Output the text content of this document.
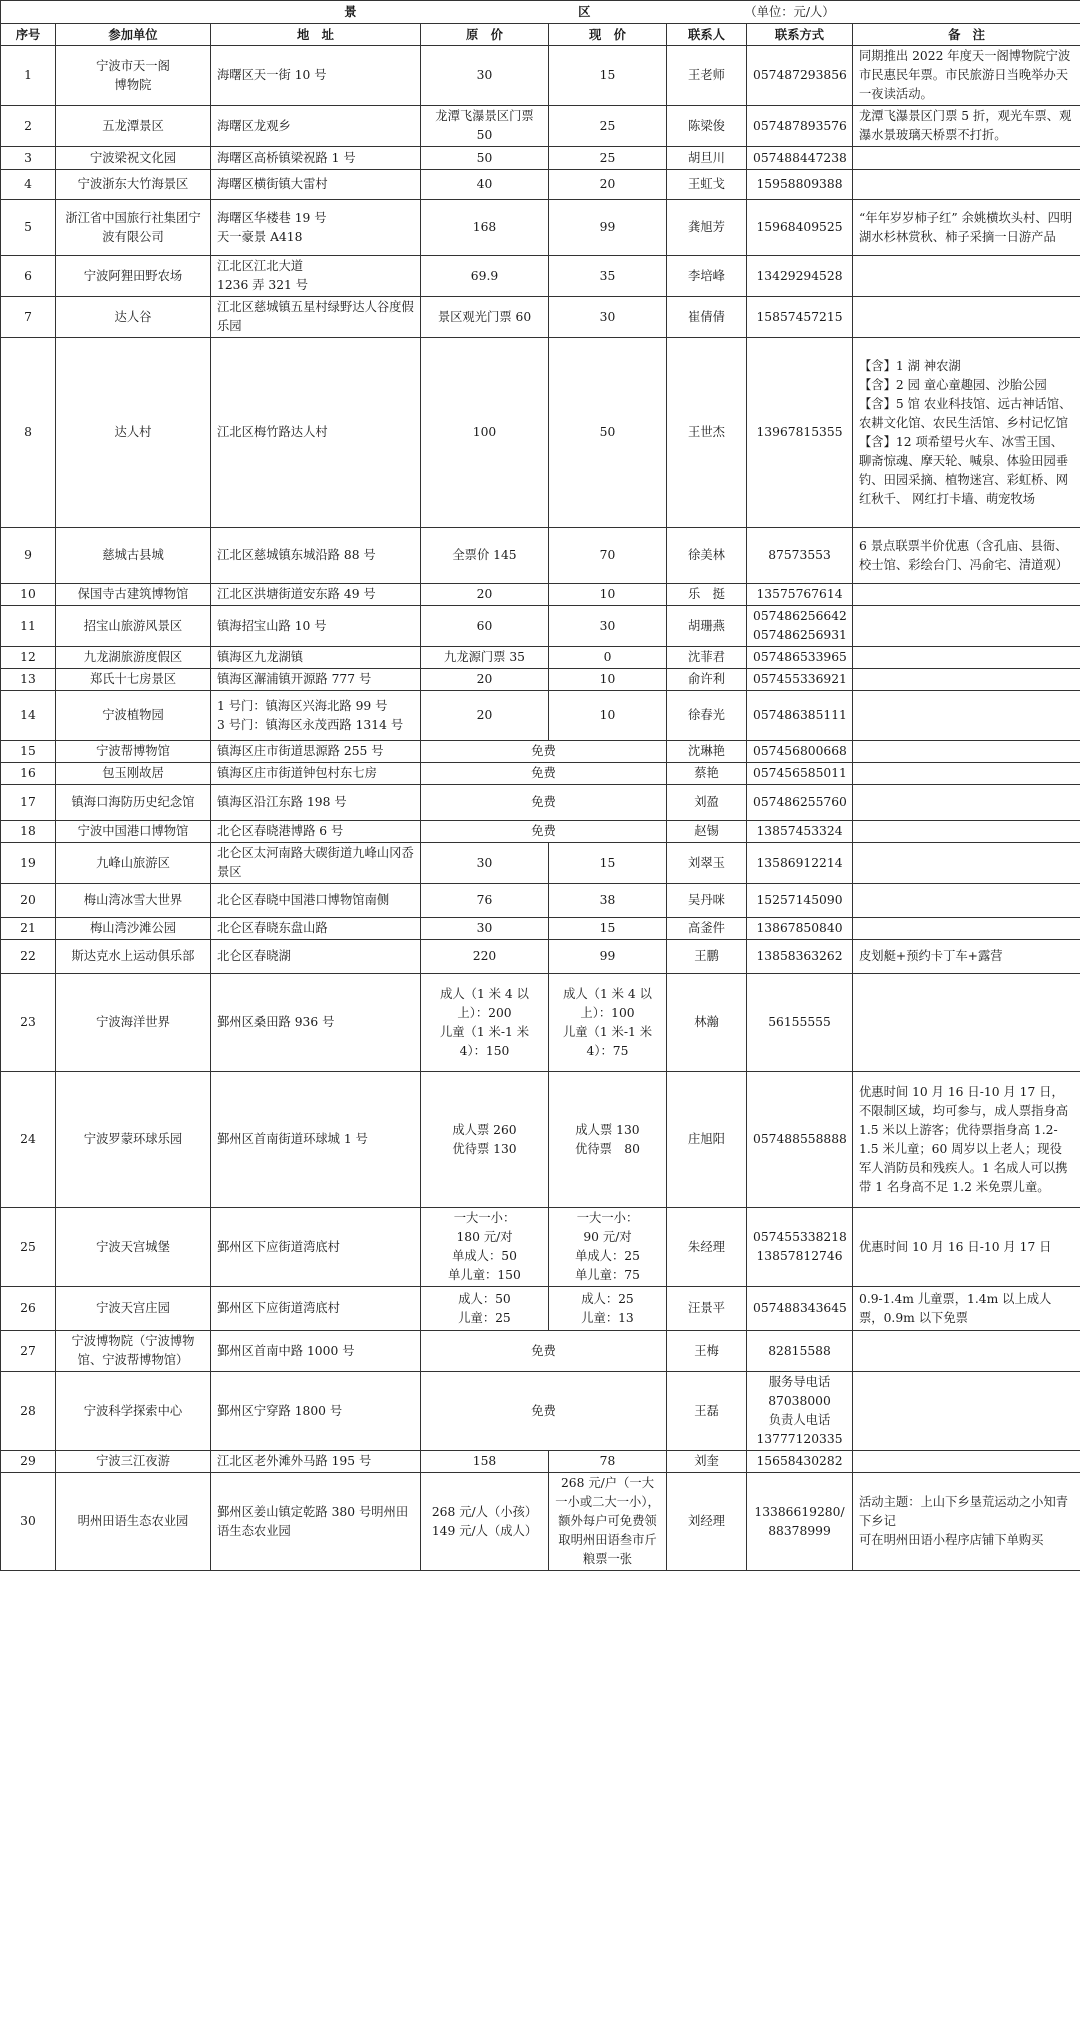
景 区 （单位：元/人）							
序号	参加单位	地　址	原　价	现　价	联系人	联系方式	备　注
1	宁波市天一阁
博物院	海曙区天一街 10 号	30	15	王老师	057487293856	同期推出 2022 年度天一阁博物院宁波市民惠民年票。市民旅游日当晚举办天一夜读活动。
2	五龙潭景区	海曙区龙观乡	龙潭飞瀑景区门票 50	25	陈梁俊	057487893576	龙潭飞瀑景区门票 5 折，观光车票、观瀑水景玻璃天桥票不打折。
3	宁波梁祝文化园	海曙区高桥镇梁祝路 1 号	50	25	胡旦川	057488447238	
4	宁波浙东大竹海景区	海曙区横街镇大雷村	40	20	王虹戈	15958809388	
5	浙江省中国旅行社集团宁波有限公司	海曙区华楼巷 19 号
天一豪景 A418	168	99	龚旭芳	15968409525	“年年岁岁柿子红” 余姚横坎头村、四明湖水杉林赏秋、柿子采摘一日游产品
6	宁波阿狸田野农场	江北区江北大道
1236 弄 321 号	69.9	35	李培峰	13429294528	
7	达人谷	江北区慈城镇五星村绿野达人谷度假乐园	景区观光门票 60	30	崔倩倩	15857457215	
8	达人村	江北区梅竹路达人村	100	50	王世杰	13967815355	【含】1 湖 神农湖
【含】2 园 童心童趣园、沙胎公园 【含】5 馆 农业科技馆、远古神话馆、农耕文化馆、农民生活馆、乡村记忆馆
【含】12 项希望号火车、冰雪王国、聊斋惊魂、摩天轮、喊泉、体验田园垂钓、田园采摘、植物迷宫、彩虹桥、网红秋千、 网红打卡墙、萌宠牧场
9	慈城古县城	江北区慈城镇东城沿路 88 号	全票价 145	70	徐美林	87573553	6 景点联票半价优惠（含孔庙、县衙、校士馆、彩绘台门、冯俞宅、清道观）
10	保国寺古建筑博物馆	江北区洪塘街道安东路 49 号	20	10	乐　挺	13575767614	
11	招宝山旅游风景区	镇海招宝山路 10 号	60	30	胡珊燕	057486256642
057486256931	
12	九龙湖旅游度假区	镇海区九龙湖镇	九龙源门票 35	0	沈菲君	057486533965	
13	郑氏十七房景区	镇海区澥浦镇开源路 777 号	20	10	俞许利	057455336921	
14	宁波植物园	1 号门：镇海区兴海北路 99 号
3 号门：镇海区永茂西路 1314 号	20	10	徐春光	057486385111	
15	宁波帮博物馆	镇海区庄市街道思源路 255 号	免费		沈琳艳	057456800668	
16	包玉刚故居	镇海区庄市街道钟包村东七房	免费		蔡艳	057456585011	
17	镇海口海防历史纪念馆	镇海区沿江东路 198 号	免费		刘盈	057486255760	
18	宁波中国港口博物馆	北仑区春晓港博路 6 号	免费		赵锡	13857453324	
19	九峰山旅游区	北仑区太河南路大碶街道九峰山冈岙景区	30	15	刘翠玉	13586912214	
20	梅山湾冰雪大世界	北仑区春晓中国港口博物馆南侧	76	38	吴丹咪	15257145090	
21	梅山湾沙滩公园	北仑区春晓东盘山路	30	15	高釜件	13867850840	
22	斯达克水上运动俱乐部	北仑区春晓湖	220	99	王鹏	13858363262	皮划艇+预约卡丁车+露营
23	宁波海洋世界	鄞州区桑田路 936 号	成人（1 米 4 以上）：200
儿童（1 米-1 米 4）：150	成人（1 米 4 以上）：100
儿童（1 米-1 米 4）：75	林瀚	56155555	
24	宁波罗蒙环球乐园	鄞州区首南街道环球城 1 号	成人票 260
优待票 130	成人票 130
优待票　80	庄旭阳	057488558888	优惠时间 10 月 16 日-10 月 17 日，不限制区域，均可参与，成人票指身高 1.5 米以上游客；优待票指身高 1.2-1.5 米儿童；60 周岁以上老人；现役军人消防员和残疾人。1 名成人可以携带 1 名身高不足 1.2 米免票儿童。
25	宁波天宫城堡	鄞州区下应街道湾底村	一大一小：
180 元/对
单成人：50
单儿童：150	一大一小：
90 元/对
单成人：25
单儿童：75	朱经理	057455338218
13857812746	优惠时间 10 月 16 日-10 月 17 日
26	宁波天宫庄园	鄞州区下应街道湾底村	成人：50
儿童：25	成人：25
儿童：13	汪景平	057488343645	0.9-1.4m 儿童票，1.4m 以上成人票，0.9m 以下免票
27	宁波博物院（宁波博物馆、宁波帮博物馆）	鄞州区首南中路 1000 号	免费		王梅	82815588	
28	宁波科学探索中心	鄞州区宁穿路 1800 号	免费		王磊	服务导电话
87038000
负责人电话
13777120335	
29	宁波三江夜游	江北区老外滩外马路 195 号	158	78	刘奎	15658430282	
30	明州田语生态农业园	鄞州区姜山镇定乾路 380 号明州田语生态农业园	268 元/人（小孩）
149 元/人（成人）	268 元/户（一大一小或二大一小），额外每户可免费领取明州田语叁市斤粮票一张	刘经理	13386619280/
88378999	活动主题：上山下乡垦荒运动之小知青下乡记
可在明州田语小程序店铺下单购买
